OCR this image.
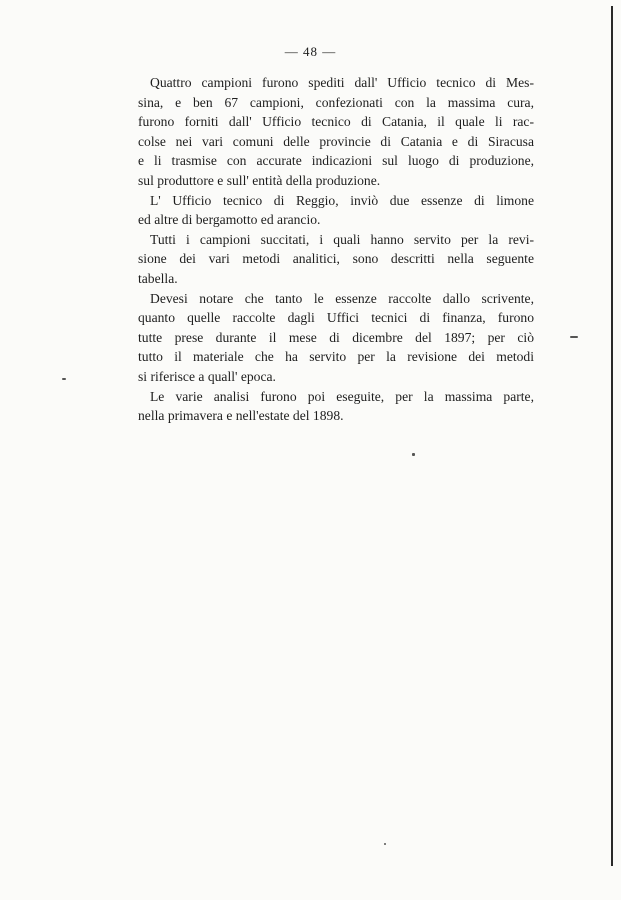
— 48 —
Quattro campioni furono spediti dall' Ufficio tecnico di Mes-
sina, e ben 67 campioni, confezionati con la massima cura,
furono forniti dall' Ufficio tecnico di Catania, il quale li rac-
colse nei vari comuni delle provincie di Catania e di Siracusa
e li trasmise con accurate indicazioni sul luogo di produzione,
sul produttore e sull' entità della produzione.
L' Ufficio tecnico di Reggio, inviò due essenze di limone
ed altre di bergamotto ed arancio.
Tutti i campioni succitati, i quali hanno servito per la revi-
sione dei vari metodi analitici, sono descritti nella seguente
tabella.
Devesi notare che tanto le essenze raccolte dallo scrivente,
quanto quelle raccolte dagli Uffici tecnici di finanza, furono
tutte prese durante il mese di dicembre del 1897; per ciò
tutto il materiale che ha servito per la revisione dei metodi
si riferisce a quall' epoca.
Le varie analisi furono poi eseguite, per la massima parte,
nella primavera e nell'estate del 1898.
